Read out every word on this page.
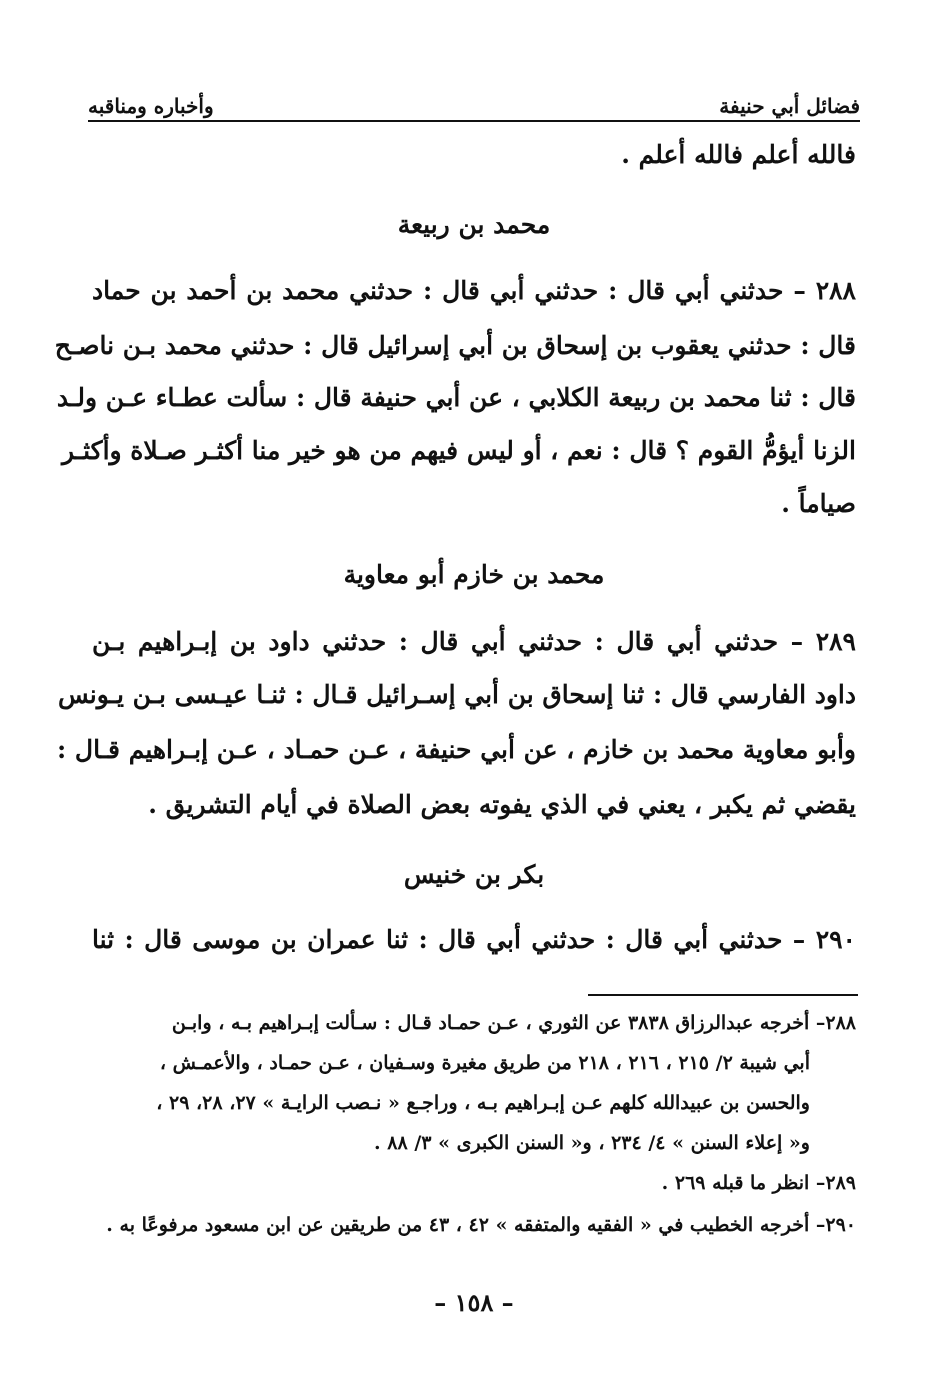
فضائل أبي حنيفة
وأخباره ومناقبه
فالله أعلم فالله أعلم .
محمد بن ربيعة
٢٨٨ – حدثني أبي قال : حدثني أبي قال : حدثني محمد بن أحمد بن حماد
قال : حدثني يعقوب بن إسحاق بن أبي إسرائيل قال : حدثني محمد بـن ناصـح
قال : ثنا محمد بن ربيعة الكلابي ، عن أبي حنيفة قال : سألت عطـاء عـن ولـد
الزنا أيؤمُّ القوم ؟ قال : نعم ، أو ليس فيهم من هو خير منا أكثـر صـلاة وأكثـر
صياماً .
محمد بن خازم أبو معاوية
٢٨٩ – حدثني أبي قال : حدثني أبي قال : حدثني داود بن إبـراهيم بـن
داود الفارسي قال : ثنا إسحاق بن أبي إسـرائيل قـال : ثنـا عيـسى بـن يـونس
وأبو معاوية محمد بن خازم ، عن أبي حنيفة ، عـن حمـاد ، عـن إبـراهيم قـال :
يقضي ثم يكبر ، يعني في الذي يفوته بعض الصلاة في أيام التشريق .
بكر بن خنيس
٢٩٠ – حدثني أبي قال : حدثني أبي قال : ثنا عمران بن موسى قال : ثنا
٢٨٨– أخرجه عبدالرزاق ٣٨٣٨ عن الثوري ، عـن حمـاد قـال : سـألت إبـراهيم بـه ، وابـن
أبي شيبة ٢/ ٢١٥ ، ٢١٦ ، ٢١٨ من طريق مغيرة وسـفيان ، عـن حمـاد ، والأعمـش ،
والحسن بن عبيدالله كلهم عـن إبـراهيم بـه ، وراجـع « نـصب الرايـة » ٢٧، ٢٨، ٢٩ ،
و« إعلاء السنن » ٤/ ٢٣٤ ، و« السنن الكبرى » ٣/ ٨٨ .
٢٨٩– انظر ما قبله ٢٦٩ .
٢٩٠– أخرجه الخطيب في « الفقيه والمتفقه » ٤٢ ، ٤٣ من طريقين عن ابن مسعود مرفوعًا به .
– ١٥٨ –
